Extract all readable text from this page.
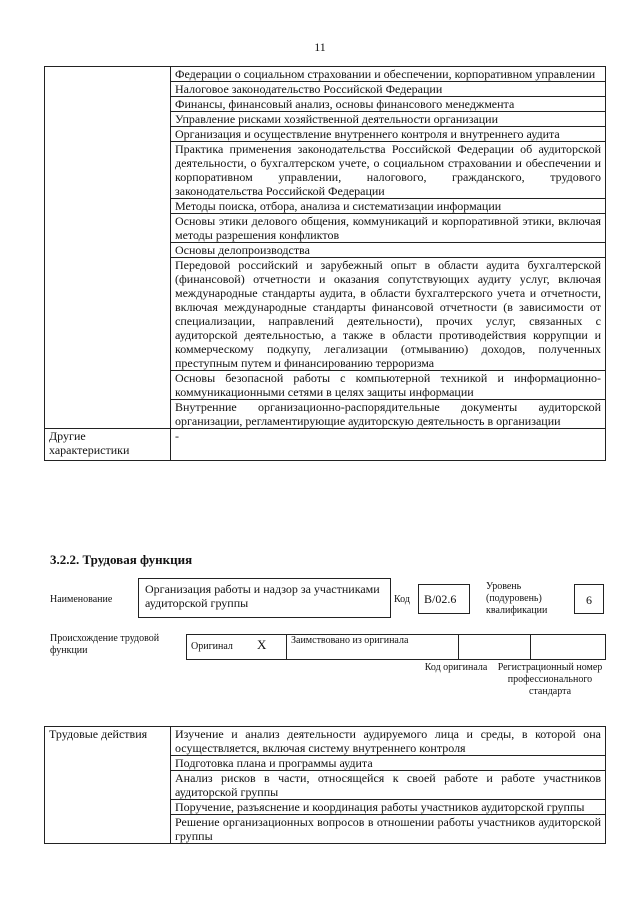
11
	Федерации о социальном страховании и обеспечении, корпоративном управлении
	Налоговое законодательство Российской Федерации
	Финансы, финансовый анализ, основы финансового менеджмента
	Управление рисками хозяйственной деятельности организации
	Организация и осуществление внутреннего контроля и внутреннего аудита
	Практика применения законодательства Российской Федерации об аудиторской деятельности, о бухгалтерском учете, о социальном страховании и обеспечении и корпоративном управлении, налогового, гражданского, трудового законодательства Российской Федерации
	Методы поиска, отбора, анализа и систематизации информации
	Основы этики делового общения, коммуникаций и корпоративной этики, включая методы разрешения конфликтов
	Основы делопроизводства
	Передовой российский и зарубежный опыт в области аудита бухгалтерской (финансовой) отчетности и оказания сопутствующих аудиту услуг, включая международные стандарты аудита, в области бухгалтерского учета и отчетности, включая международные стандарты финансовой отчетности (в зависимости от специализации, направлений деятельности), прочих услуг, связанных с аудиторской деятельностью, а также в области противодействия коррупции и коммерческому подкупу, легализации (отмыванию) доходов, полученных преступным путем и финансированию терроризма
	Основы безопасной работы с компьютерной техникой и информационно-коммуникационными сетями в целях защиты информации
	Внутренние организационно-распорядительные документы аудиторской организации, регламентирующие аудиторскую деятельность в организации
Другие характеристики	-
3.2.2. Трудовая функция
Наименование
Организация работы и надзор за участниками аудиторской группы	Код	B/02.6
Уровень (подуровень) квалификации
6
Происхождение трудовой функции	Оригинал X Заимствовано из оригинала
Код оригинала	Регистрационный номер профессионального стандарта
Трудовые действия	Изучение и анализ деятельности аудируемого лица и среды, в которой она осуществляется, включая систему внутреннего контроля
Подготовка плана и программы аудита
Анализ рисков в части, относящейся к своей работе и работе участников аудиторской группы
Поручение, разъяснение и координация работы участников аудиторской группы
Решение организационных вопросов в отношении работы участников аудиторской группы
